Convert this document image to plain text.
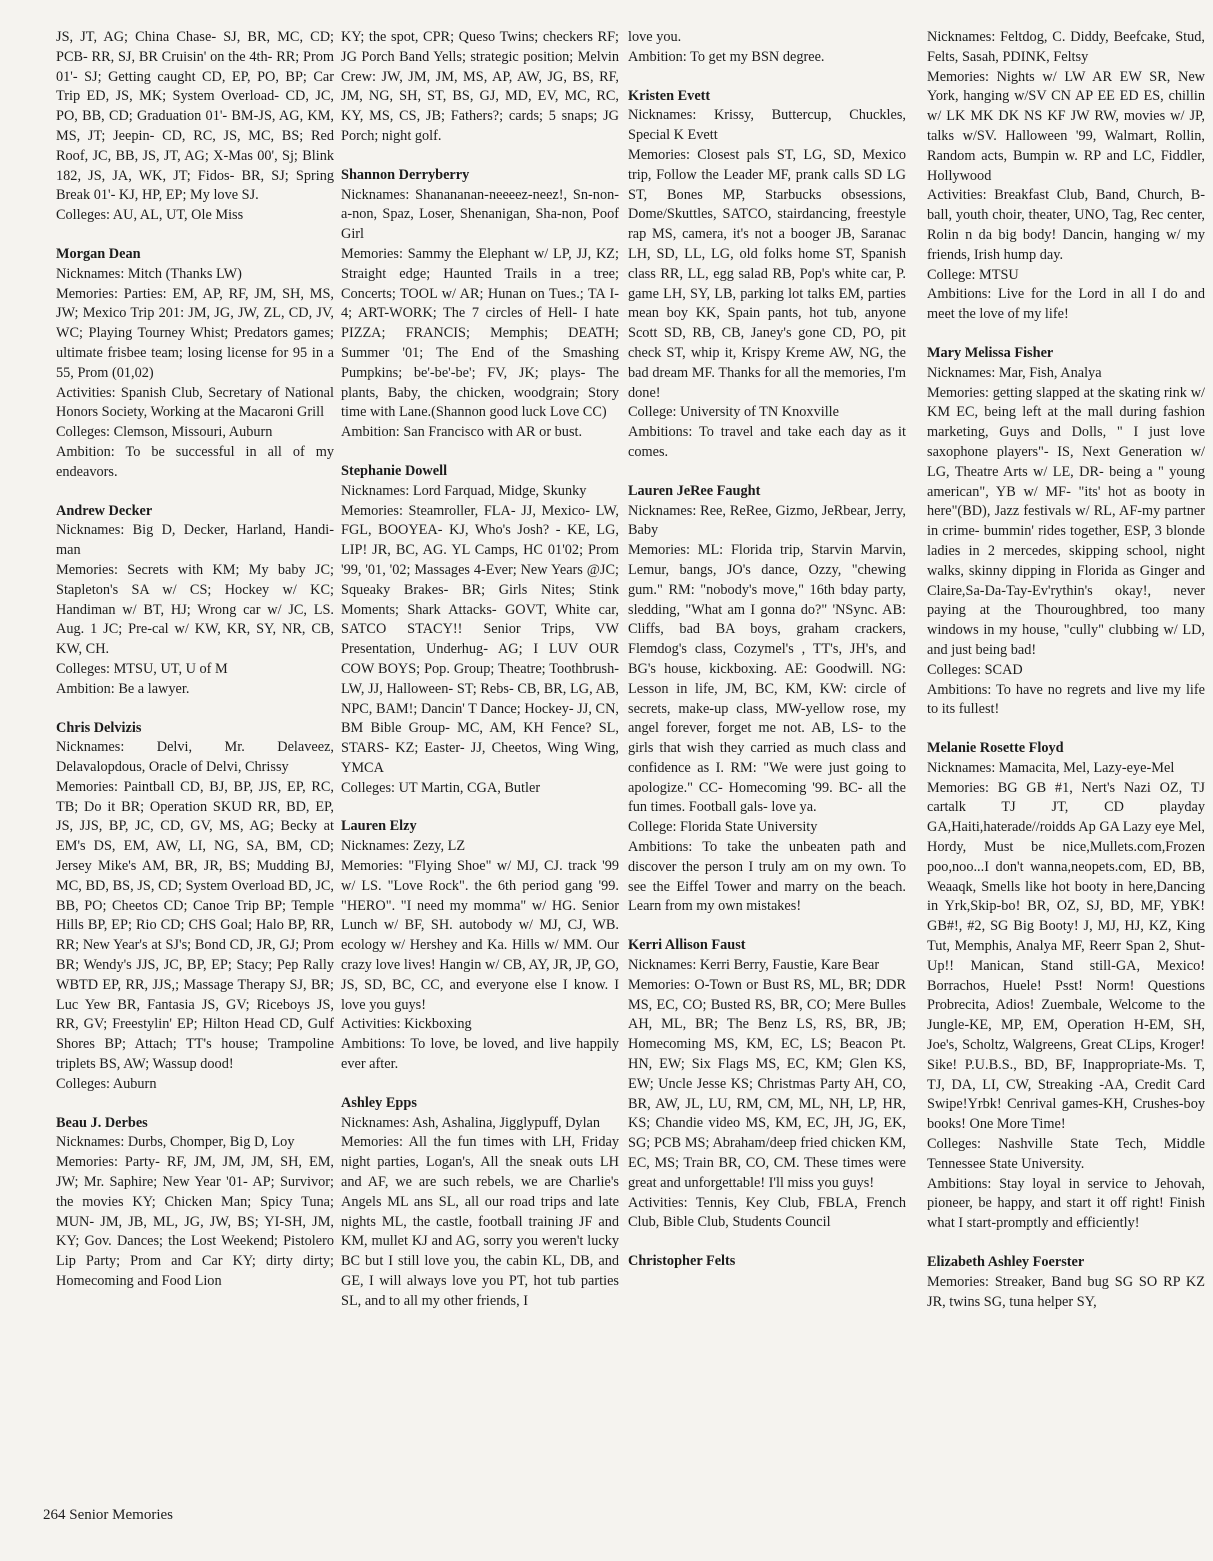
JS, JT, AG; China Chase- SJ, BR, MC, CD; PCB- RR, SJ, BR Cruisin' on the 4th- RR; Prom 01'- SJ; Getting caught CD, EP, PO, BP; Car Trip ED, JS, MK; System Overload- CD, JC, PO, BB, CD; Graduation 01'- BM-JS, AG, KM, MS, JT; Jeepin- CD, RC, JS, MC, BS; Red Roof, JC, BB, JS, JT, AG; X-Mas 00', Sj; Blink 182, JS, JA, WK, JT; Fidos- BR, SJ; Spring Break 01'- KJ, HP, EP; My love SJ.
Colleges: AU, AL, UT, Ole Miss
Morgan Dean
Nicknames: Mitch (Thanks LW)
Memories: Parties: EM, AP, RF, JM, SH, MS, JW; Mexico Trip 201: JM, JG, JW, ZL, CD, JV, WC; Playing Tourney Whist; Predators games; ultimate frisbee team; losing license for 95 in a 55, Prom (01,02)
Activities: Spanish Club, Secretary of National Honors Society, Working at the Macaroni Grill
Colleges: Clemson, Missouri, Auburn
Ambition: To be successful in all of my endeavors.
Andrew Decker
Nicknames: Big D, Decker, Harland, Handi-man
Memories: Secrets with KM; My baby JC; Stapleton's SA w/ CS; Hockey w/ KC; Handiman w/ BT, HJ; Wrong car w/ JC, LS. Aug. 1 JC; Pre-cal w/ KW, KR, SY, NR, CB, KW, CH.
Colleges: MTSU, UT, U of M
Ambition: Be a lawyer.
Chris Delvizis
Nicknames: Delvi, Mr. Delaveez, Delavalopdous, Oracle of Delvi, Chrissy
Memories: Paintball CD, BJ, BP, JJS, EP, RC, TB; Do it BR; Operation SKUD RR, BD, EP, JS, JJS, BP, JC, CD, GV, MS, AG; Becky at EM's DS, EM, AW, LI, NG, SA, BM, CD; Jersey Mike's AM, BR, JR, BS; Mudding BJ, MC, BD, BS, JS, CD; System Overload BD, JC, BB, PO; Cheetos CD; Canoe Trip BP; Temple Hills BP, EP; Rio CD; CHS Goal; Halo BP, RR, RR; New Year's at SJ's; Bond CD, JR, GJ; Prom BR; Wendy's JJS, JC, BP, EP; Stacy; Pep Rally WBTD EP, RR, JJS,; Massage Therapy SJ, BR; Luc Yew BR, Fantasia JS, GV; Riceboys JS, RR, GV; Freestylin' EP; Hilton Head CD, Gulf Shores BP; Attach; TT's house; Trampoline triplets BS, AW; Wassup dood!
Colleges: Auburn
Beau J. Derbes
Nicknames: Durbs, Chomper, Big D, Loy
Memories: Party- RF, JM, JM, JM, SH, EM, JW; Mr. Saphire; New Year '01- AP; Survivor; the movies KY; Chicken Man; Spicy Tuna; MUN- JM, JB, ML, JG, JW, BS; YI-SH, JM, KY; Gov. Dances; the Lost Weekend; Pistolero Lip Party; Prom and Car KY; dirty dirty; Homecoming and Food Lion
KY; the spot, CPR; Queso Twins; checkers RF; JG Porch Band Yells; strategic position; Melvin Crew: JW, JM, JM, MS, AP, AW, JG, BS, RF, JM, NG, SH, ST, BS, GJ, MD, EV, MC, RC, KY, MS, CS, JB; Fathers?; cards; 5 snaps; JG Porch; night golf.
Shannon Derryberry
Nicknames: Shanananan-neeeez-neez!, Sn-non-a-non, Spaz, Loser, Shenanigan, Sha-non, Poof Girl
Memories: Sammy the Elephant w/ LP, JJ, KZ; Straight edge; Haunted Trails in a tree; Concerts; TOOL w/ AR; Hunan on Tues.; TA I-4; ART-WORK; The 7 circles of Hell- I hate PIZZA; FRANCIS; Memphis; DEATH; Summer '01; The End of the Smashing Pumpkins; be'-be'-be'; FV, JK; plays- The plants, Baby, the chicken, woodgrain; Story time with Lane.(Shannon good luck Love CC)
Ambition: San Francisco with AR or bust.
Stephanie Dowell
Nicknames: Lord Farquad, Midge, Skunky
Memories: Steamroller, FLA- JJ, Mexico- LW, FGL, BOOYEA- KJ, Who's Josh? - KE, LG, LIP! JR, BC, AG. YL Camps, HC 01'02; Prom '99, '01, '02; Massages 4-Ever; New Years @JC; Squeaky Brakes- BR; Girls Nites; Stink Moments; Shark Attacks- GOVT, White car, SATCO STACY!! Senior Trips, VW Presentation, Underhug- AG; I LUV OUR COW BOYS; Pop. Group; Theatre; Toothbrush- LW, JJ, Halloween- ST; Rebs- CB, BR, LG, AB, NPC, BAM!; Dancin' T Dance; Hockey- JJ, CN, BM Bible Group- MC, AM, KH Fence? SL, STARS- KZ; Easter- JJ, Cheetos, Wing Wing, YMCA
Colleges: UT Martin, CGA, Butler
Lauren Elzy
Nicknames: Zezy, LZ
Memories: "Flying Shoe" w/ MJ, CJ. track '99 w/ LS. "Love Rock". the 6th period gang '99. "HERO". "I need my momma" w/ HG. Senior Lunch w/ BF, SH. autobody w/ MJ, CJ, WB. ecology w/ Hershey and Ka. Hills w/ MM. Our crazy love lives! Hangin w/ CB, AY, JR, JP, GO, JS, SD, BC, CC, and everyone else I know. I love you guys!
Activities: Kickboxing
Ambitions: To love, be loved, and live happily ever after.
Ashley Epps
Nicknames: Ash, Ashalina, Jigglypuff, Dylan
Memories: All the fun times with LH, Friday night parties, Logan's, All the sneak outs LH and AF, we are such rebels, we are Charlie's Angels ML ans SL, all our road trips and late nights ML, the castle, football training JF and KM, mullet KJ and AG, sorry you weren't lucky BC but I still love you, the cabin KL, DB, and GE, I will always love you PT, hot tub parties SL, and to all my other friends, I
love you.
Ambition: To get my BSN degree.
Kristen Evett
Nicknames: Krissy, Buttercup, Chuckles, Special K Evett
Memories: Closest pals ST, LG, SD, Mexico trip, Follow the Leader MF, prank calls SD LG ST, Bones MP, Starbucks obsessions, Dome/Skuttles, SATCO, stairdancing, freestyle rap MS, camera, it's not a booger JB, Saranac LH, SD, LL, LG, old folks home ST, Spanish class RR, LL, egg salad RB, Pop's white car, P. game LH, SY, LB, parking lot talks EM, parties mean boy KK, Spain pants, hot tub, anyone Scott SD, RB, CB, Janey's gone CD, PO, pit check ST, whip it, Krispy Kreme AW, NG, the bad dream MF. Thanks for all the memories, I'm done!
College: University of TN Knoxville
Ambitions: To travel and take each day as it comes.
Lauren JeRee Faught
Nicknames: Ree, ReRee, Gizmo, JeRbear, Jerry, Baby
Memories: ML: Florida trip, Starvin Marvin, Lemur, bangs, JO's dance, Ozzy, "chewing gum." RM: "nobody's move," 16th bday party, sledding, "What am I gonna do?" 'NSync. AB: Cliffs, bad BA boys, graham crackers, Flemdog's class, Cozymel's , TT's, JH's, and BG's house, kickboxing. AE: Goodwill. NG: Lesson in life, JM, BC, KM, KW: circle of secrets, make-up class, MW-yellow rose, my angel forever, forget me not. AB, LS- to the girls that wish they carried as much class and confidence as I. RM: "We were just going to apologize." CC- Homecoming '99. BC- all the fun times. Football gals- love ya.
College: Florida State University
Ambitions: To take the unbeaten path and discover the person I truly am on my own. To see the Eiffel Tower and marry on the beach. Learn from my own mistakes!
Kerri Allison Faust
Nicknames: Kerri Berry, Faustie, Kare Bear
Memories: O-Town or Bust RS, ML, BR; DDR MS, EC, CO; Busted RS, BR, CO; Mere Bulles AH, ML, BR; The Benz LS, RS, BR, JB; Homecoming MS, KM, EC, LS; Beacon Pt. HN, EW; Six Flags MS, EC, KM; Glen KS, EW; Uncle Jesse KS; Christmas Party AH, CO, BR, AW, JL, LU, RM, CM, ML, NH, LP, HR, KS; Chandie video MS, KM, EC, JH, JG, EK, SG; PCB MS; Abraham/deep fried chicken KM, EC, MS; Train BR, CO, CM. These times were great and unforgettable! I'll miss you guys!
Activities: Tennis, Key Club, FBLA, French Club, Bible Club, Students Council
Christopher Felts
Nicknames: Feltdog, C. Diddy, Beefcake, Stud, Felts, Sasah, PDINK, Feltsy
Memories: Nights w/ LW AR EW SR, New York, hanging w/SV CN AP EE ED ES, chillin w/ LK MK DK NS KF JW RW, movies w/ JP, talks w/SV. Halloween '99, Walmart, Rollin, Random acts, Bumpin w. RP and LC, Fiddler, Hollywood
Activities: Breakfast Club, Band, Church, B-ball, youth choir, theater, UNO, Tag, Rec center, Rolin n da big body! Dancin, hanging w/ my friends, Irish hump day.
College: MTSU
Ambitions: Live for the Lord in all I do and meet the love of my life!
Mary Melissa Fisher
Nicknames: Mar, Fish, Analya
Memories: getting slapped at the skating rink w/ KM EC, being left at the mall during fashion marketing, Guys and Dolls, " I just love saxophone players"- IS, Next Generation w/ LG, Theatre Arts w/ LE, DR- being a " young american", YB w/ MF- "its' hot as booty in here"(BD), Jazz festivals w/ RL, AF-my partner in crime- bummin' rides together, ESP, 3 blonde ladies in 2 mercedes, skipping school, night walks, skinny dipping in Florida as Ginger and Claire,Sa-Da-Tay-Ev'rythin's okay!, never paying at the Thouroughbred, too many windows in my house, "cully" clubbing w/ LD, and just being bad!
Colleges: SCAD
Ambitions: To have no regrets and live my life to its fullest!
Melanie Rosette Floyd
Nicknames: Mamacita, Mel, Lazy-eye-Mel
Memories: BG GB #1, Nert's Nazi OZ, TJ cartalk TJ JT, CD playday GA,Haiti,haterade//roidds Ap GA Lazy eye Mel, Hordy, Must be nice,Mullets.com,Frozen poo,noo...I don't wanna,neopets.com, ED, BB, Weaaqk, Smells like hot booty in here,Dancing in Yrk,Skip-bo! BR, OZ, SJ, BD, MF, YBK! GB#!, #2, SG Big Booty! J, MJ, HJ, KZ, King Tut, Memphis, Analya MF, Reerr Span 2, Shut-Up!! Manican, Stand still-GA, Mexico! Borrachos, Huele! Psst! Norm! Questions Probrecita, Adios! Zuembale, Welcome to the Jungle-KE, MP, EM, Operation H-EM, SH, Joe's, Scholtz, Walgreens, Great CLips, Kroger! Sike! P.U.B.S., BD, BF, Inappropriate-Ms. T, TJ, DA, LI, CW, Streaking -AA, Credit Card Swipe!Yrbk! Cenrival games-KH, Crushes-boy books! One More Time!
Colleges: Nashville State Tech, Middle Tennessee State University.
Ambitions: Stay loyal in service to Jehovah, pioneer, be happy, and start it off right! Finish what I start-promptly and efficiently!
Elizabeth Ashley Foerster
Memories: Streaker, Band bug SG SO RP KZ JR, twins SG, tuna helper SY,
264 Senior Memories
